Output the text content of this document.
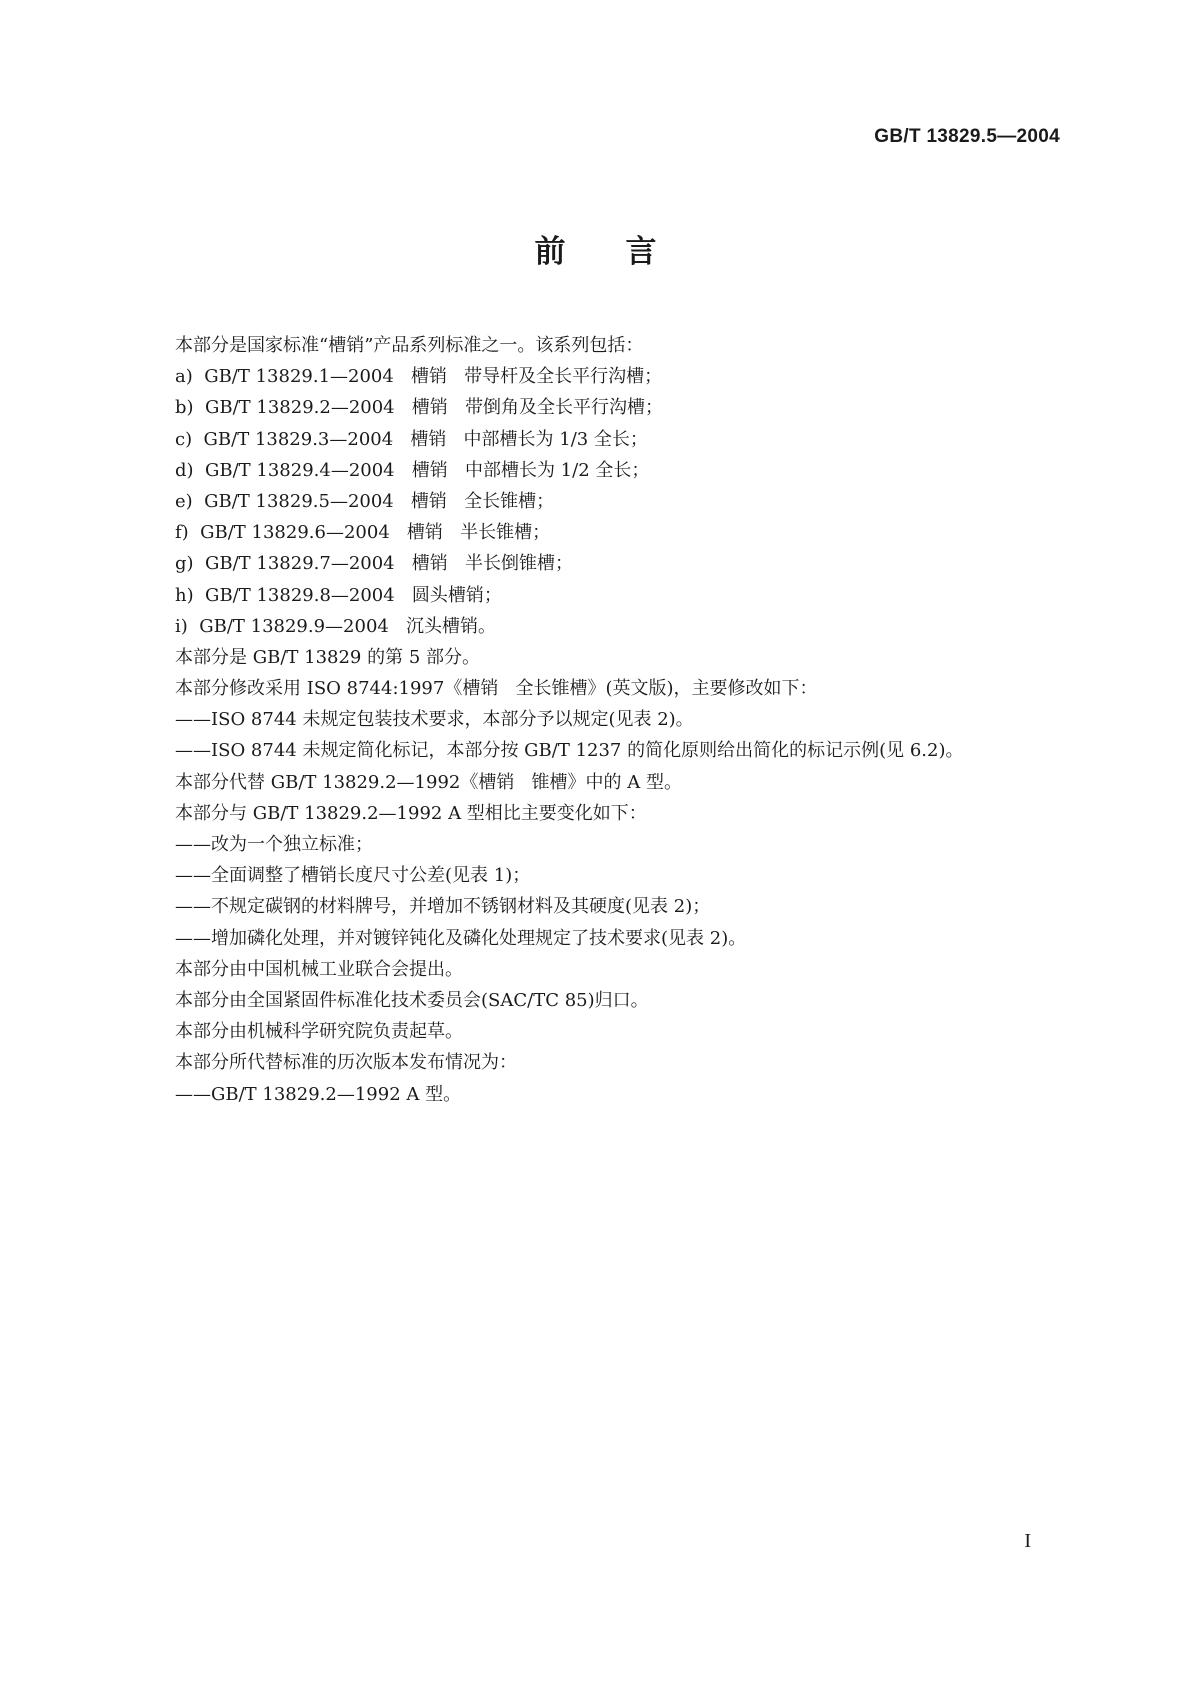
GB/T 13829.5—2004
前言
本部分是国家标准“槽销”产品系列标准之一。该系列包括：
a)  GB/T 13829.1—2004   槽销   带导杆及全长平行沟槽；
b)  GB/T 13829.2—2004   槽销   带倒角及全长平行沟槽；
c)  GB/T 13829.3—2004   槽销   中部槽长为 1/3 全长；
d)  GB/T 13829.4—2004   槽销   中部槽长为 1/2 全长；
e)  GB/T 13829.5—2004   槽销   全长锥槽；
f)  GB/T 13829.6—2004   槽销   半长锥槽；
g)  GB/T 13829.7—2004   槽销   半长倒锥槽；
h)  GB/T 13829.8—2004   圆头槽销；
i)  GB/T 13829.9—2004   沉头槽销。
本部分是 GB/T 13829 的第 5 部分。
本部分修改采用 ISO 8744:1997《槽销   全长锥槽》(英文版)，主要修改如下：
——ISO 8744 未规定包装技术要求，本部分予以规定(见表 2)。
——ISO 8744 未规定简化标记，本部分按 GB/T 1237 的简化原则给出简化的标记示例(见 6.2)。
本部分代替 GB/T 13829.2—1992《槽销   锥槽》中的 A 型。
本部分与 GB/T 13829.2—1992 A 型相比主要变化如下：
——改为一个独立标准；
——全面调整了槽销长度尺寸公差(见表 1)；
——不规定碳钢的材料牌号，并增加不锈钢材料及其硬度(见表 2)；
——增加磷化处理，并对镀锌钝化及磷化处理规定了技术要求(见表 2)。
本部分由中国机械工业联合会提出。
本部分由全国紧固件标准化技术委员会(SAC/TC 85)归口。
本部分由机械科学研究院负责起草。
本部分所代替标准的历次版本发布情况为：
——GB/T 13829.2—1992 A 型。
I
